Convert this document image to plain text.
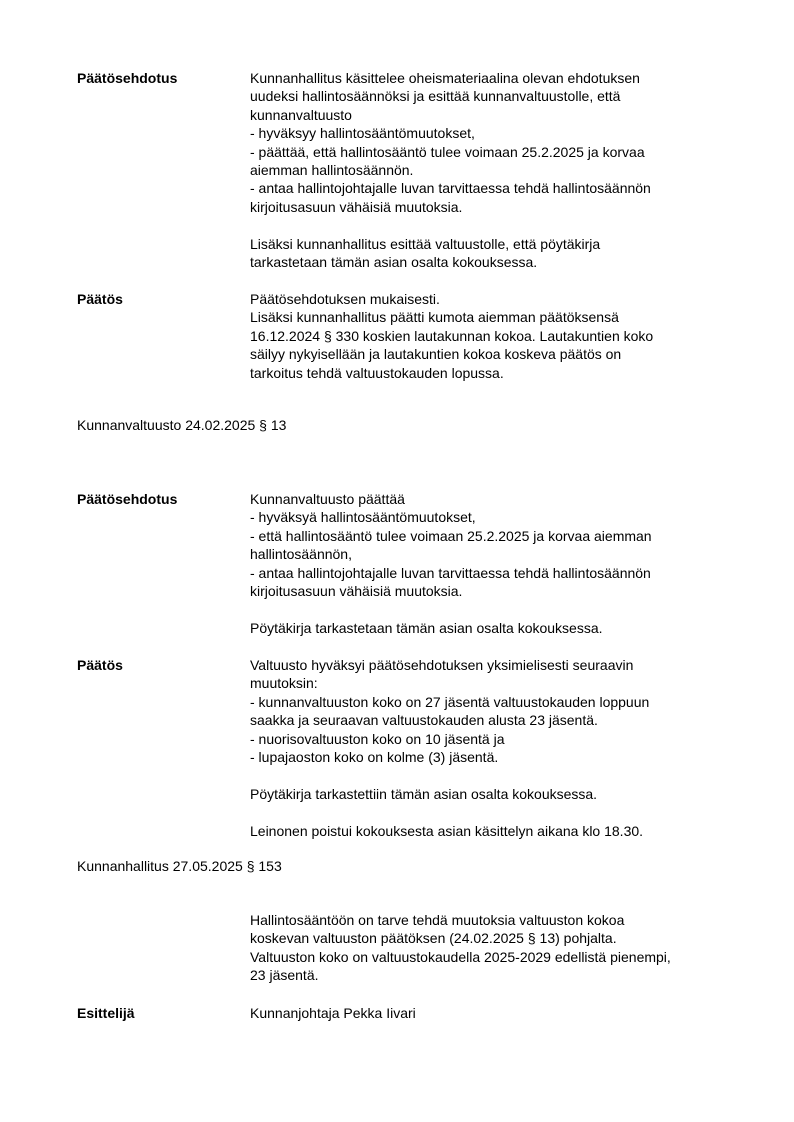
Päätösehdotus	Kunnanhallitus käsittelee oheismateriaalina olevan ehdotuksen

uudeksi hallintosäännöksi ja esittää kunnanvaltuustolle, että

kunnanvaltuusto

- hyväksyy hallintosääntömuutokset,

- päättää, että hallintosääntö tulee voimaan 25.2.2025 ja korvaa

aiemman hallintosäännön.

- antaa hallintojohtajalle luvan tarvittaessa tehdä hallintosäännön

kirjoitusasuun vähäisiä muutoksia.

Lisäksi kunnanhallitus esittää valtuustolle, että pöytäkirja

tarkastetaan tämän asian osalta kokouksessa.

Päätös	Päätösehdotuksen mukaisesti.

Lisäksi kunnanhallitus päätti kumota aiemman päätöksensä

16.12.2024 § 330 koskien lautakunnan kokoa. Lautakuntien koko

säilyy nykyisellään ja lautakuntien kokoa koskeva päätös on

tarkoitus tehdä valtuustokauden lopussa.

Kunnanvaltuusto 24.02.2025 § 13
Päätösehdotus	Kunnanvaltuusto päättää

- hyväksyä hallintosääntömuutokset,

- että hallintosääntö tulee voimaan 25.2.2025 ja korvaa aiemman

hallintosäännön,

- antaa hallintojohtajalle luvan tarvittaessa tehdä hallintosäännön

kirjoitusasuun vähäisiä muutoksia.

Pöytäkirja tarkastetaan tämän asian osalta kokouksessa.

Päätös	Valtuusto hyväksyi päätösehdotuksen yksimielisesti seuraavin

muutoksin:

- kunnanvaltuuston koko on 27 jäsentä valtuustokauden loppuun

saakka ja seuraavan valtuustokauden alusta 23 jäsentä.

- nuorisovaltuuston koko on 10 jäsentä ja

- lupajaoston koko on kolme (3) jäsentä.

Pöytäkirja tarkastettiin tämän asian osalta kokouksessa.

Leinonen poistui kokouksesta asian käsittelyn aikana klo 18.30.

Kunnanhallitus 27.05.2025 § 153

Hallintosääntöön on tarve tehdä muutoksia valtuuston kokoa

koskevan valtuuston päätöksen (24.02.2025 § 13) pohjalta.

Valtuuston koko on valtuustokaudella 2025-2029 edellistä pienempi,

23 jäsentä.

Esittelijä	Kunnanjohtaja Pekka Iivari
